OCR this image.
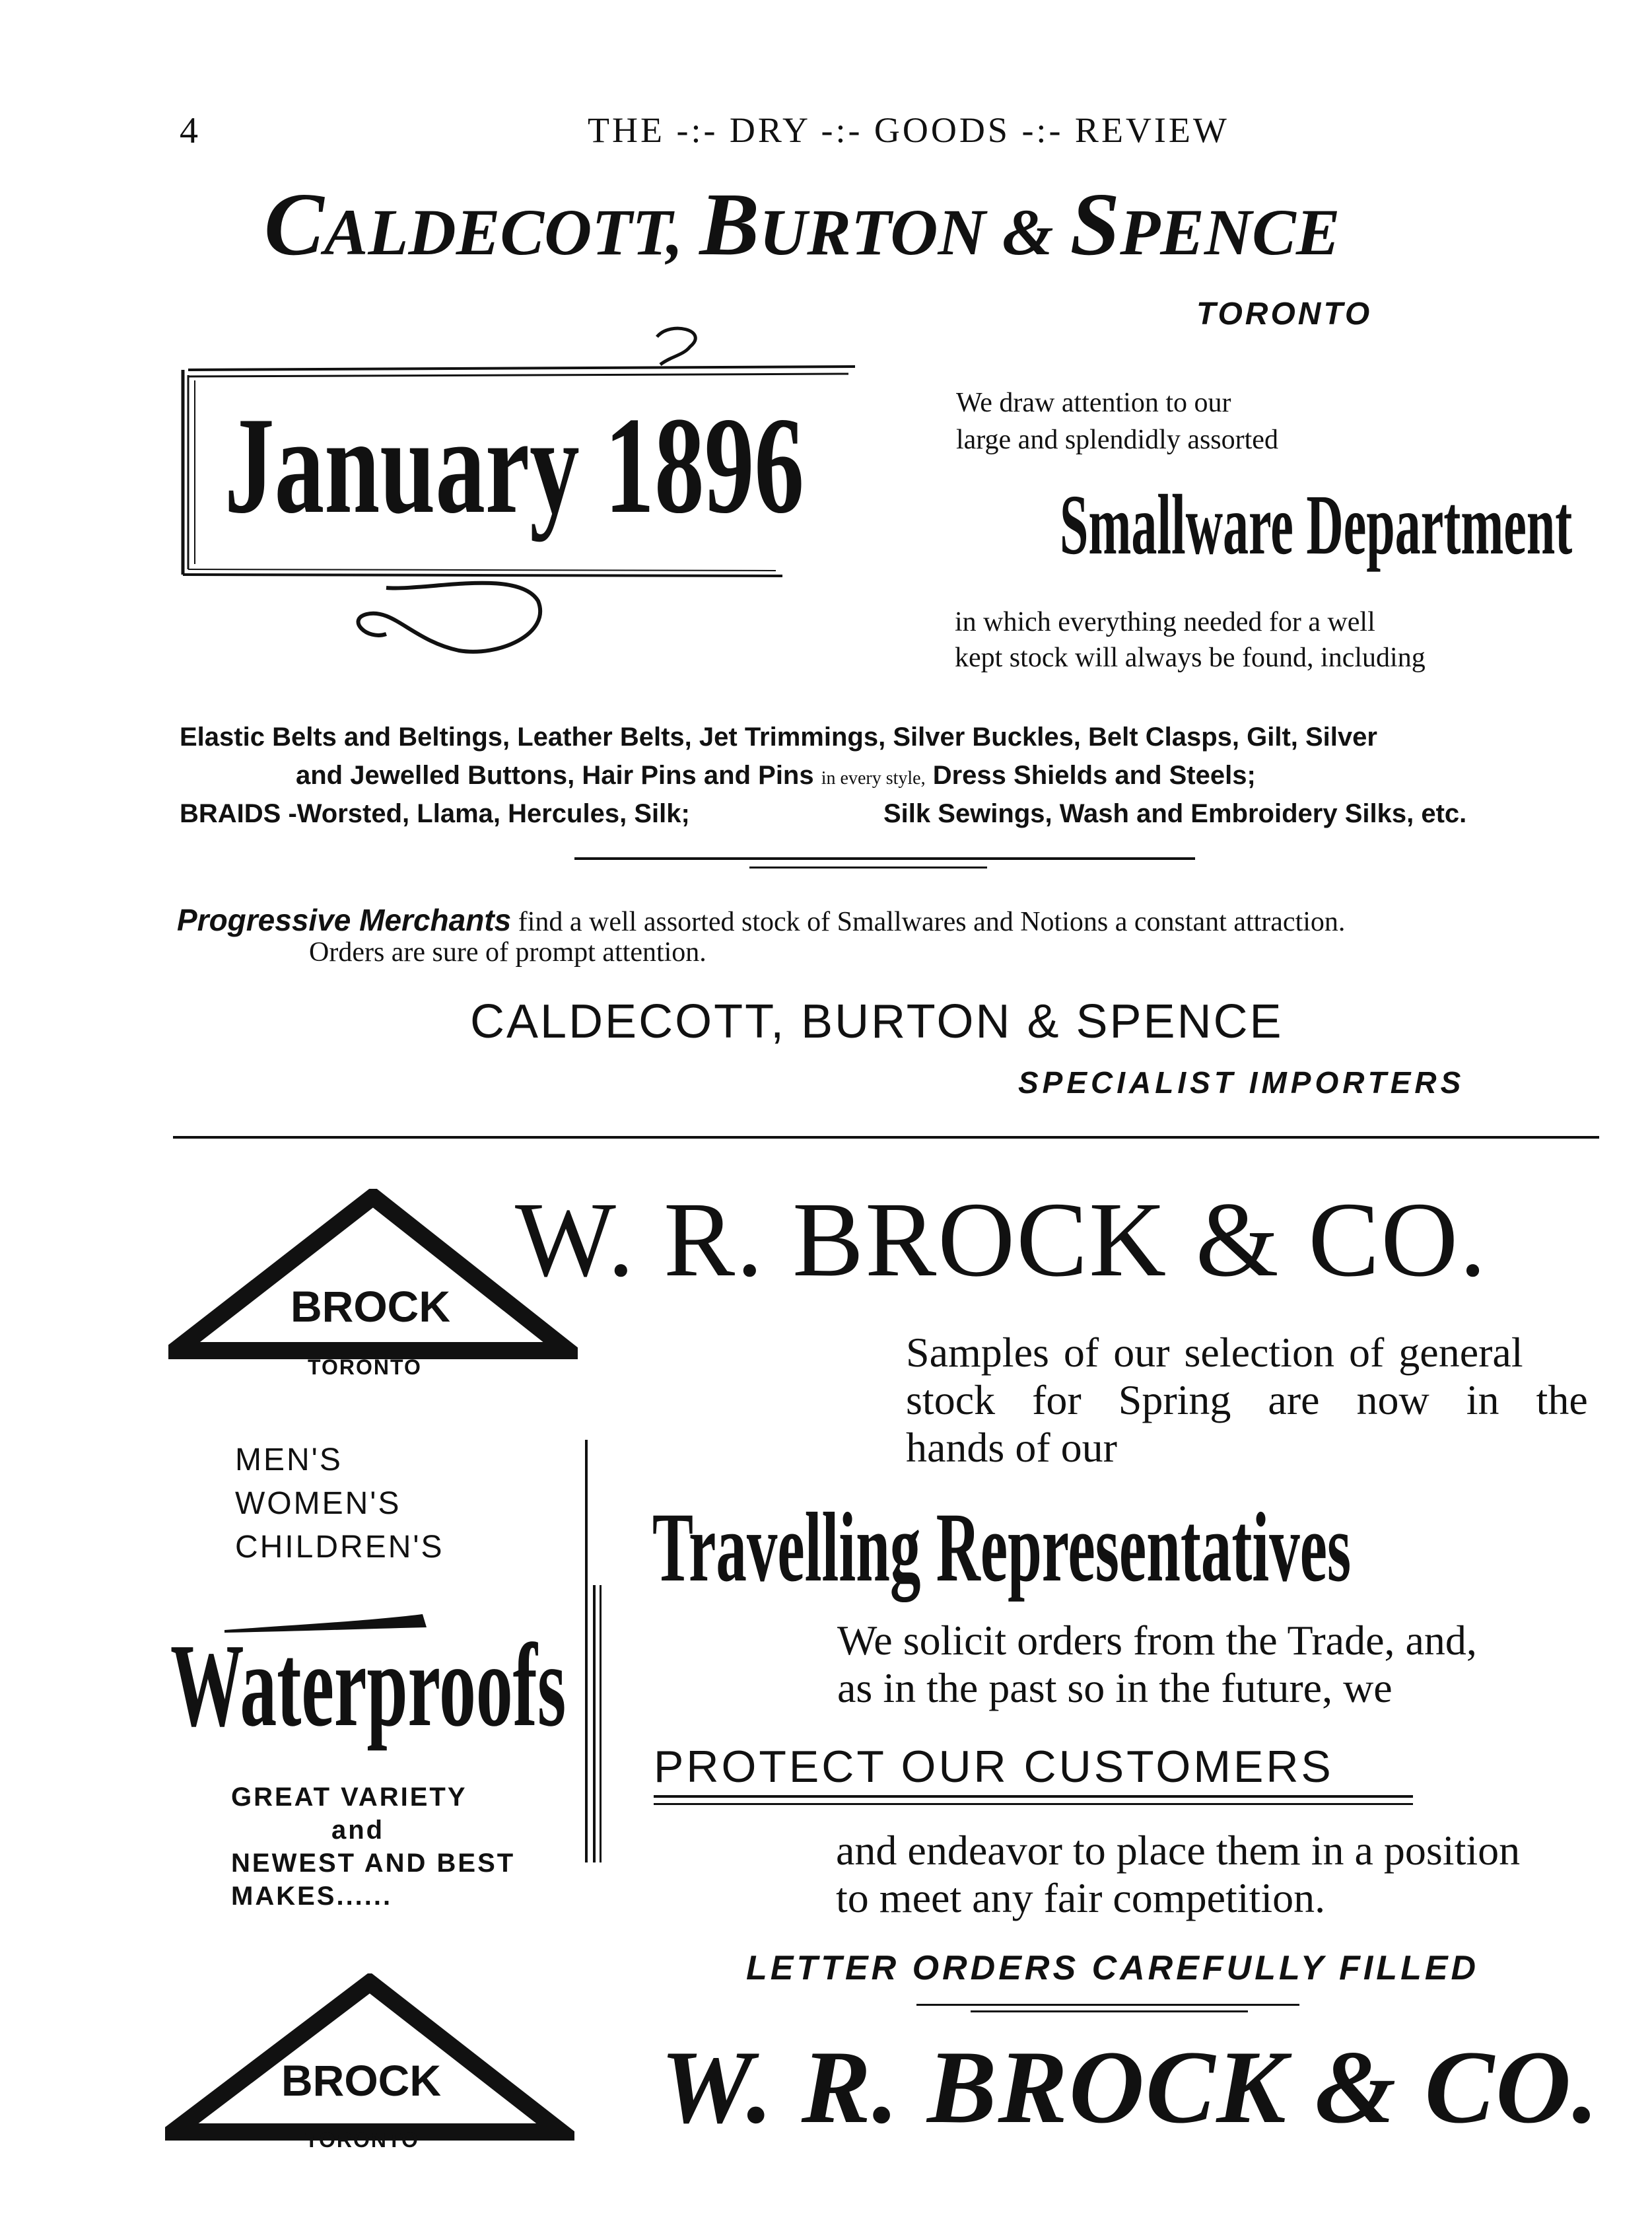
4	THE -:- DRY -:- GOODS -:- REVIEW
CALDECOTT, BURTON & SPENCE
TORONTO
January 1896	We draw attention to our
large and splendidly assorted
Smallware Department
in which everything needed for a well
kept stock will always be found, including
Elastic Belts and Beltings, Leather Belts, Jet Trimmings, Silver Buckles, Belt Clasps, Gilt, Silver
and Jewelled Buttons, Hair Pins and Pins in every style, Dress Shields and Steels;
BRAIDS -Worsted, Llama, Hercules, Silk;	Silk Sewings, Wash and Embroidery Silks, etc.
Progressive Merchants find a well assorted stock of Smallwares and Notions a constant attraction.
Orders are sure of prompt attention.
CALDECOTT, BURTON & SPENCE
SPECIALIST IMPORTERS
BROCK
TORONTO
W. R. BROCK & CO.
Samples of our selection of general
stock for Spring are now in the
hands of our
MEN'S
WOMEN'S
CHILDREN'S Travelling Representatives
Waterproofs	We solicit orders from the Trade, and,
as in the past so in the future, we
GREAT VARIETY
and
NEWEST AND BEST
MAKES......
PROTECT OUR CUSTOMERS
and endeavor to place them in a position
to meet any fair competition.
LETTER ORDERS CAREFULLY FILLED
BROCK
TORONTO W. R. BROCK & CO.
